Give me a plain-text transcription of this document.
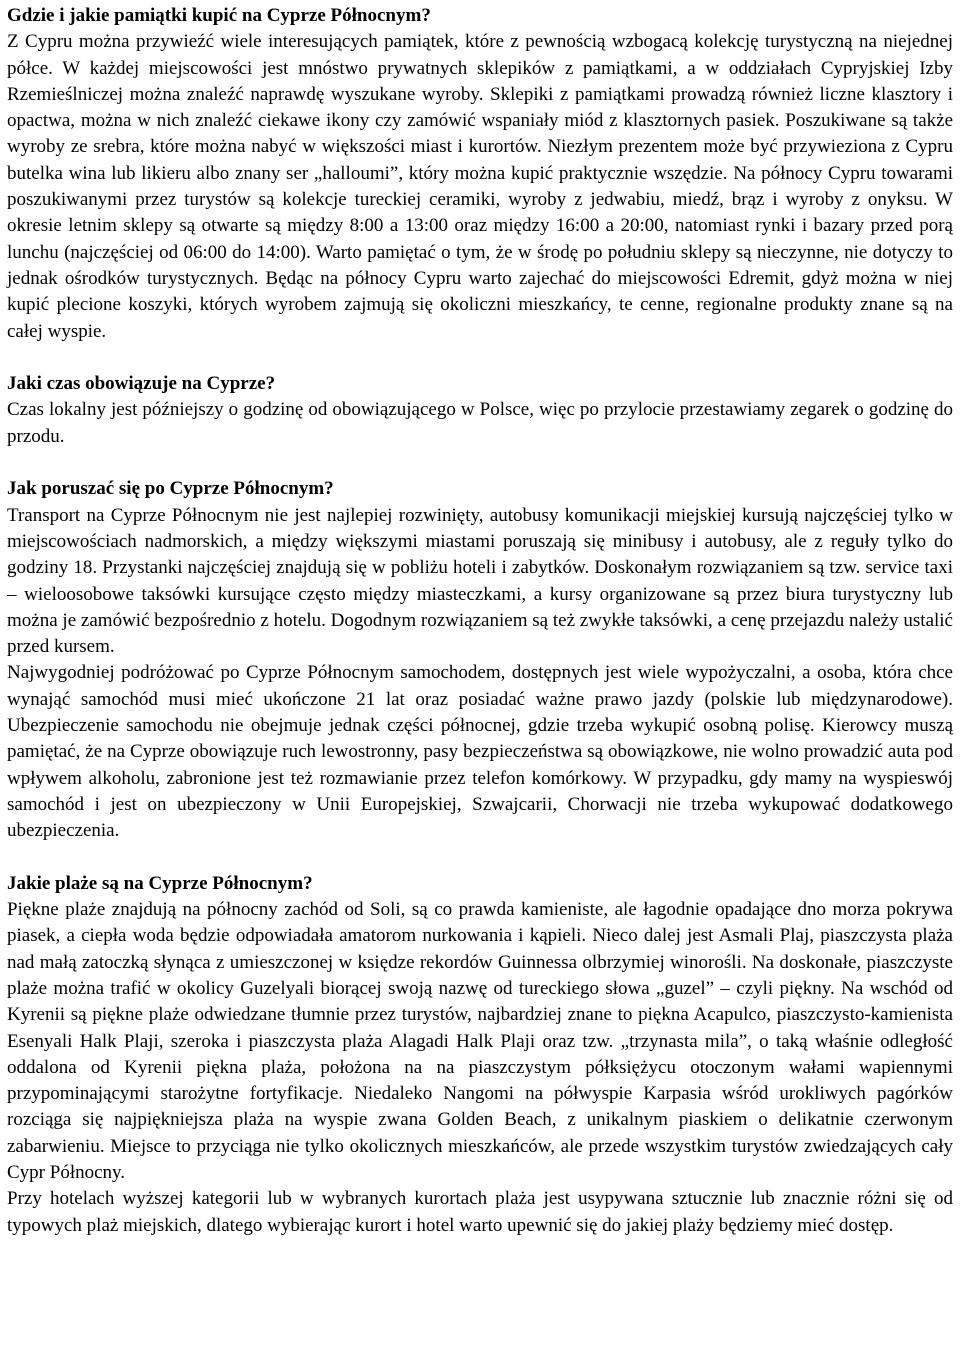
Gdzie i jakie pamiątki kupić na Cyprze Północnym?

Z Cypru można przywieźć wiele interesujących pamiątek, które z pewnością wzbogacą kolekcję turystyczną na niejednej półce. W każdej miejscowości jest mnóstwo prywatnych sklepików z pamiątkami, a w oddziałach Cypryjskiej Izby Rzemieślniczej można znaleźć naprawdę wyszukane wyroby. Sklepiki z pamiątkami prowadzą również liczne klasztory i opactwa, można w nich znaleźć ciekawe ikony czy zamówić wspaniały miód z klasztornych pasiek. Poszukiwane są także wyroby ze srebra, które można nabyć w większości miast i kurortów. Niezłym prezentem może być przywieziona z Cypru butelka wina lub likieru albo znany ser „halloumi”, który można kupić praktycznie wszędzie. Na północy Cypru towarami poszukiwanymi przez turystów są kolekcje tureckiej ceramiki, wyroby z jedwabiu, miedź, brąz i wyroby z onyksu. W okresie letnim sklepy są otwarte są między 8:00 a 13:00 oraz między 16:00 a 20:00, natomiast rynki i bazary przed porą lunchu (najczęściej od 06:00 do 14:00). Warto pamiętać o tym, że w środę po południu sklepy są nieczynne, nie dotyczy to jednak ośrodków turystycznych. Będąc na północy Cypru warto zajechać do miejscowości Edremit, gdyż można w niej kupić plecione koszyki, których wyrobem zajmują się okoliczni mieszkańcy, te cenne, regionalne produkty znane są na całej wyspie.

Jaki czas obowiązuje na Cyprze?

Czas lokalny jest późniejszy o godzinę od obowiązującego w Polsce, więc po przylocie przestawiamy zegarek o godzinę do przodu.

Jak poruszać się po Cyprze Północnym?

Transport na Cyprze Północnym nie jest najlepiej rozwinięty, autobusy komunikacji miejskiej kursują najczęściej tylko w miejscowościach nadmorskich, a między większymi miastami poruszają się minibusy i autobusy, ale z reguły tylko do godziny 18. Przystanki najczęściej znajdują się w pobliżu hoteli i zabytków. Doskonałym rozwiązaniem są tzw. service taxi – wieloosobowe taksówki kursujące często między miasteczkami, a kursy organizowane są przez biura turystyczny lub można je zamówić bezpośrednio z hotelu. Dogodnym rozwiązaniem są też zwykłe taksówki, a cenę przejazdu należy ustalić przed kursem.

Najwygodniej podróżować po Cyprze Północnym samochodem, dostępnych jest wiele wypożyczalni, a osoba, która chce wynająć samochód musi mieć ukończone 21 lat oraz posiadać ważne prawo jazdy (polskie lub międzynarodowe). Ubezpieczenie samochodu nie obejmuje jednak części północnej, gdzie trzeba wykupić osobną polisę. Kierowcy muszą pamiętać, że na Cyprze obowiązuje ruch lewostronny, pasy bezpieczeństwa są obowiązkowe, nie wolno prowadzić auta pod wpływem alkoholu, zabronione jest też rozmawianie przez telefon komórkowy. W przypadku, gdy mamy na wyspieswój samochód i jest on ubezpieczony w Unii Europejskiej, Szwajcarii, Chorwacji nie trzeba wykupować dodatkowego ubezpieczenia.

Jakie plaże są na Cyprze Północnym?

Piękne plaże znajdują na północny zachód od Soli, są co prawda kamieniste, ale łagodnie opadające dno morza pokrywa piasek, a ciepła woda będzie odpowiadała amatorom nurkowania i kąpieli. Nieco dalej jest Asmali Plaj, piaszczysta plaża nad małą zatoczką słynąca z umieszczonej w księdze rekordów Guinnessa olbrzymiej winorośli. Na doskonałe, piaszczyste plaże można trafić w okolicy Guzelyali biorącej swoją nazwę od tureckiego słowa „guzel” – czyli piękny. Na wschód od Kyrenii są piękne plaże odwiedzane tłumnie przez turystów, najbardziej znane to piękna Acapulco, piaszczysto-kamienista Esenyali Halk Plaji, szeroka i piaszczysta plaża Alagadi Halk Plaji oraz tzw. „trzynasta mila”, o taką właśnie odległość oddalona od Kyrenii piękna plaża, położona na na piaszczystym półksiężycu otoczonym wałami wapiennymi przypominającymi starożytne fortyfikacje. Niedaleko Nangomi na półwyspie Karpasia wśród urokliwych pagórków rozciąga się najpiękniejsza plaża na wyspie zwana Golden Beach, z unikalnym piaskiem o delikatnie czerwonym zabarwieniu. Miejsce to przyciąga nie tylko okolicznych mieszkańców, ale przede wszystkim turystów zwiedzających cały Cypr Północny.

Przy hotelach wyższej kategorii lub w wybranych kurortach plaża jest usypywana sztucznie lub znacznie różni się od typowych plaż miejskich, dlatego wybierając kurort i hotel warto upewnić się do jakiej plaży będziemy mieć dostęp.
